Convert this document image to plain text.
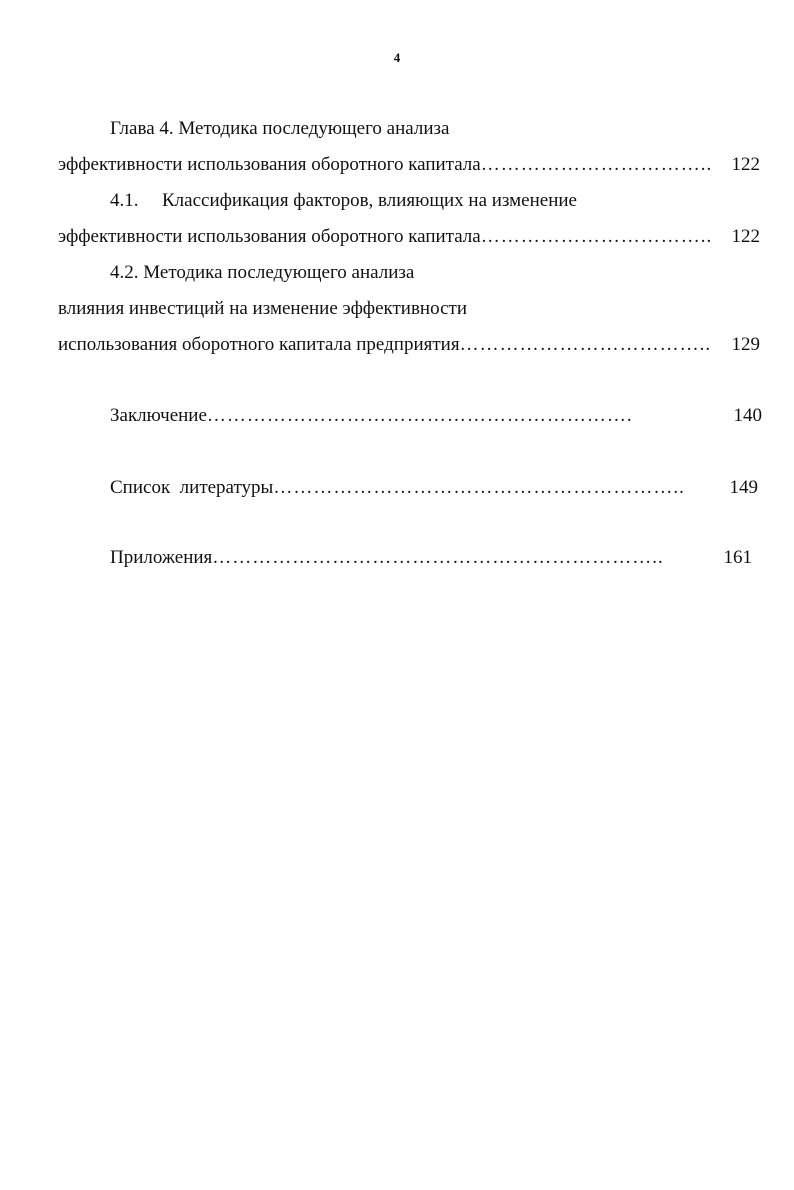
4
Глава 4. Методика последующего анализа
эффективности использования оборотного капитала ……………………………..	122
4.1. Классификация факторов, влияющих на изменение
эффективности использования оборотного капитала ……………………………..	122
4.2. Методика последующего анализа
влияния инвестиций на изменение эффективности
использования оборотного капитала предприятия ………………………………..	129
Заключение ……………………………………………………….	140
Список  литературы ……………………………………………………..	149
Приложения …………………………………………………………..	161
